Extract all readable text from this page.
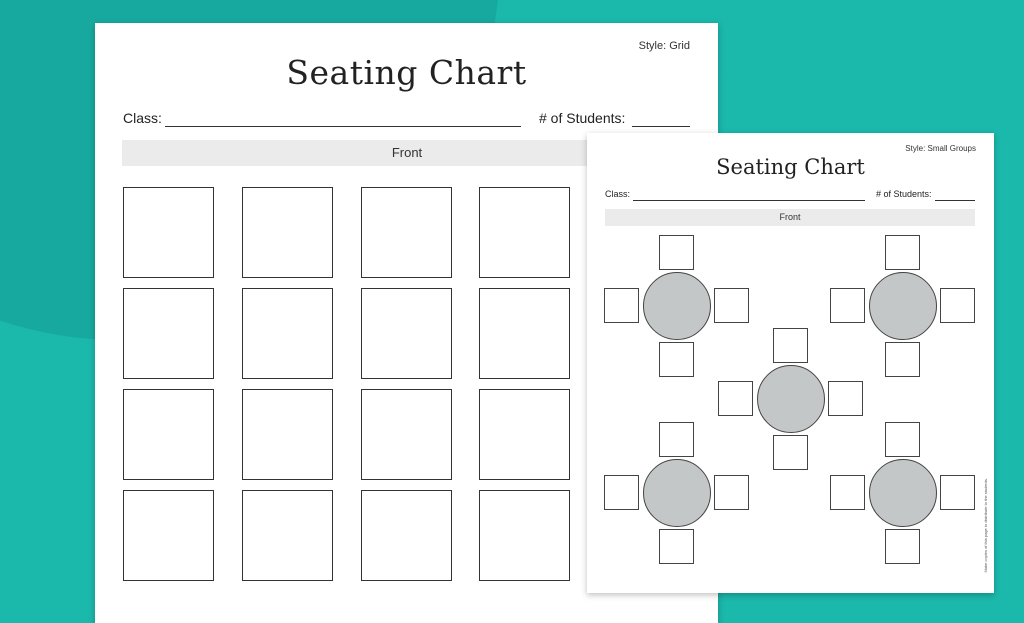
Style: Grid
Seating Chart
Class:	# of Students:
Front	Style: Small Groups
Seating Chart
Class:	# of Students:
Front
Make copies of this page to distribute to the students.
